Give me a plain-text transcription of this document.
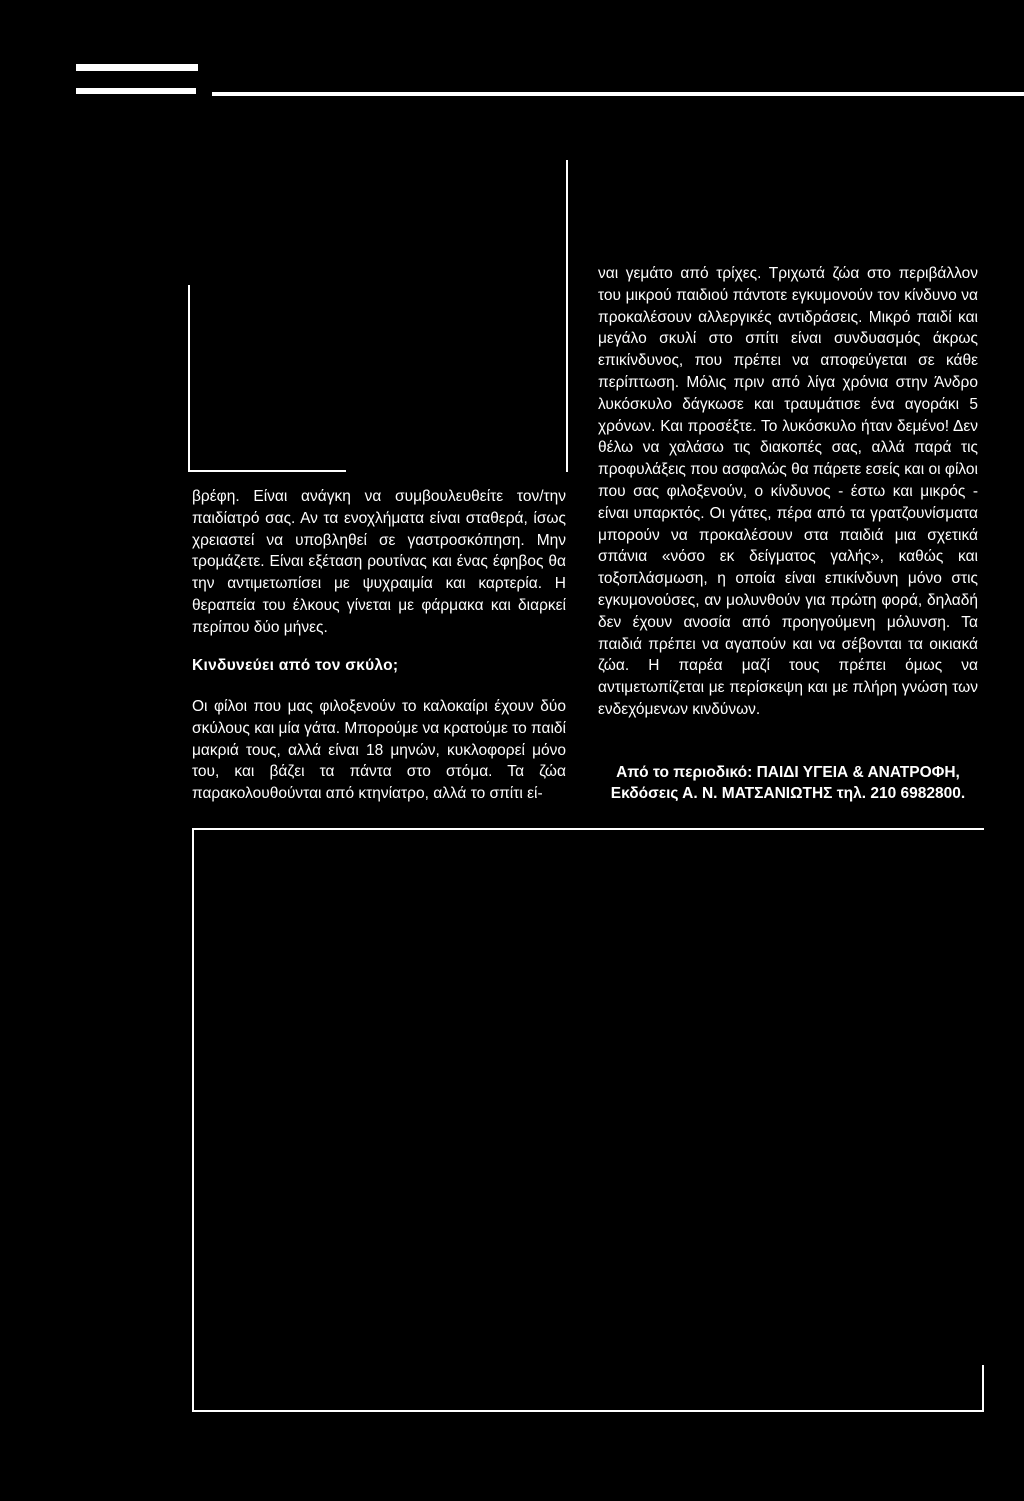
βρέφη. Είναι ανάγκη να συμβουλευθείτε τον/την παιδίατρό σας. Αν τα ενοχλήματα είναι σταθερά, ίσως χρειαστεί να υποβληθεί σε γαστροσκόπηση. Μην τρομάζετε. Είναι εξέταση ρουτίνας και ένας έφηβος θα την αντιμετωπίσει με ψυχραιμία και καρτερία. Η θεραπεία του έλκους γίνεται με φάρμακα και διαρκεί περίπου δύο μήνες.

Κινδυνεύει από τον σκύλο;

Οι φίλοι που μας φιλοξενούν το καλοκαίρι έχουν δύο σκύλους και μία γάτα. Μπορούμε να κρατούμε το παιδί μακριά τους, αλλά είναι 18 μηνών, κυκλοφορεί μόνο του, και βάζει τα πάντα στο στόμα. Τα ζώα παρακολουθούνται από κτηνίατρο, αλλά το σπίτι εί-

ναι γεμάτο από τρίχες. Τριχωτά ζώα στο περιβάλλον του μικρού παιδιού πάντοτε εγκυμονούν τον κίνδυνο να προκαλέσουν αλλεργικές αντιδράσεις. Μικρό παιδί και μεγάλο σκυλί στο σπίτι είναι συνδυασμός άκρως επικίνδυνος, που πρέπει να αποφεύγεται σε κάθε περίπτωση. Μόλις πριν από λίγα χρόνια στην Άνδρο λυκόσκυλο δάγκωσε και τραυμάτισε ένα αγοράκι 5 χρόνων. Και προσέξτε. Το λυκόσκυλο ήταν δεμένο! Δεν θέλω να χαλάσω τις διακοπές σας, αλλά παρά τις προφυλάξεις που ασφαλώς θα πάρετε εσείς και οι φίλοι που σας φιλοξενούν, ο κίνδυνος - έστω και μικρός - είναι υπαρκτός. Οι γάτες, πέρα από τα γρατζουνίσματα μπορούν να προκαλέσουν στα παιδιά μια σχετικά σπάνια «νόσο εκ δείγματος γαλής», καθώς και τοξοπλάσμωση, η οποία είναι επικίνδυνη μόνο στις εγκυμονούσες, αν μολυνθούν για πρώτη φορά, δηλαδή δεν έχουν ανοσία από προηγούμενη μόλυνση. Τα παιδιά πρέπει να αγαπούν και να σέβονται τα οικιακά ζώα. Η παρέα μαζί τους πρέπει όμως να αντιμετωπίζεται με περίσκεψη και με πλήρη γνώση των ενδεχόμενων κινδύνων.

Από το περιοδικό: ΠΑΙΔΙ ΥΓΕΙΑ & ΑΝΑΤΡΟΦΗ,
Εκδόσεις Α. Ν. ΜΑΤΣΑΝΙΩΤΗΣ τηλ. 210 6982800.
